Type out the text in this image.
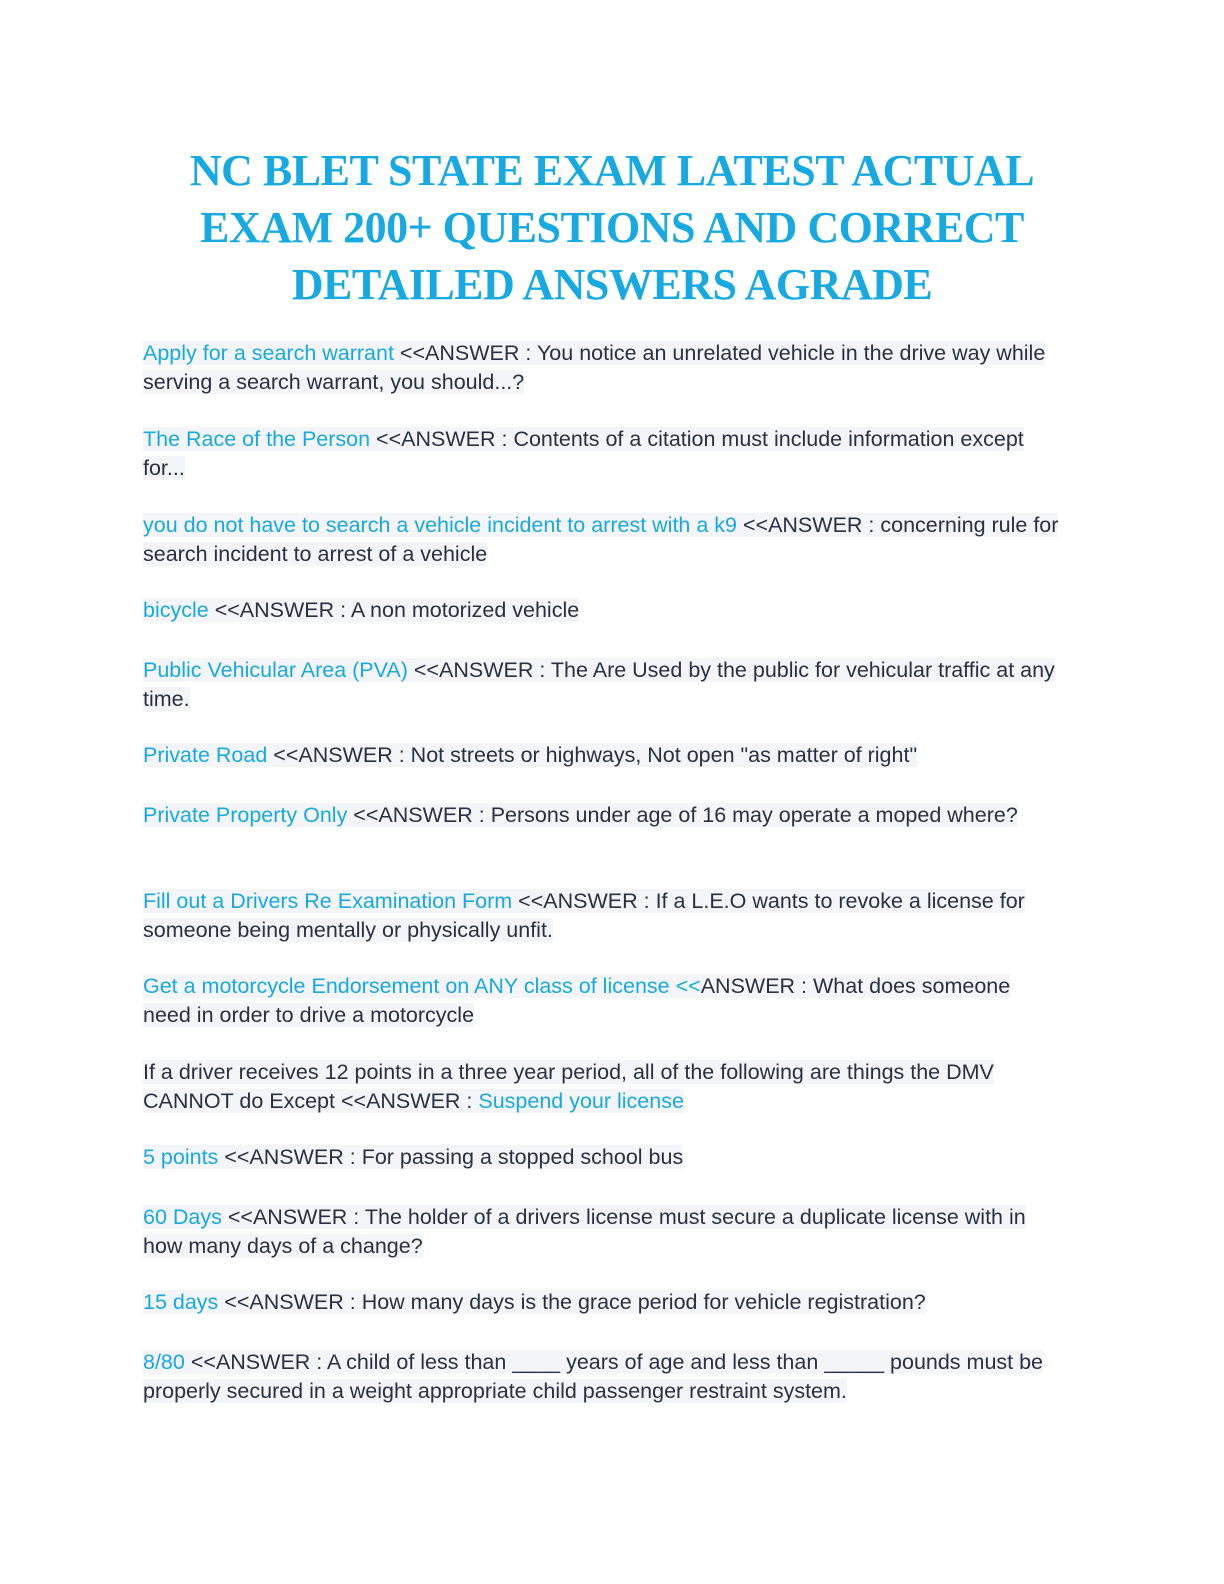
NC BLET STATE EXAM LATEST ACTUAL EXAM 200+ QUESTIONS AND CORRECT DETAILED ANSWERS AGRADE

Apply for a search warrant <<ANSWER : You notice an unrelated vehicle in the drive way while serving a search warrant, you should...?

The Race of the Person <<ANSWER : Contents of a citation must include information except for...

you do not have to search a vehicle incident to arrest with a k9 <<ANSWER : concerning rule for search incident to arrest of a vehicle

bicycle <<ANSWER : A non motorized vehicle

Public Vehicular Area (PVA) <<ANSWER : The Are Used by the public for vehicular traffic at any time.

Private Road <<ANSWER : Not streets or highways, Not open "as matter of right"

Private Property Only <<ANSWER : Persons under age of 16 may operate a moped where?

Fill out a Drivers Re Examination Form <<ANSWER : If a L.E.O wants to revoke a license for someone being mentally or physically unfit.

Get a motorcycle Endorsement on ANY class of license <<ANSWER : What does someone need in order to drive a motorcycle

If a driver receives 12 points in a three year period, all of the following are things the DMV CANNOT do Except <<ANSWER : Suspend your license

5 points <<ANSWER : For passing a stopped school bus

60 Days <<ANSWER : The holder of a drivers license must secure a duplicate license with in how many days of a change?

15 days <<ANSWER : How many days is the grace period for vehicle registration?

8/80 <<ANSWER : A child of less than ____ years of age and less than _____ pounds must be properly secured in a weight appropriate child passenger restraint system.
